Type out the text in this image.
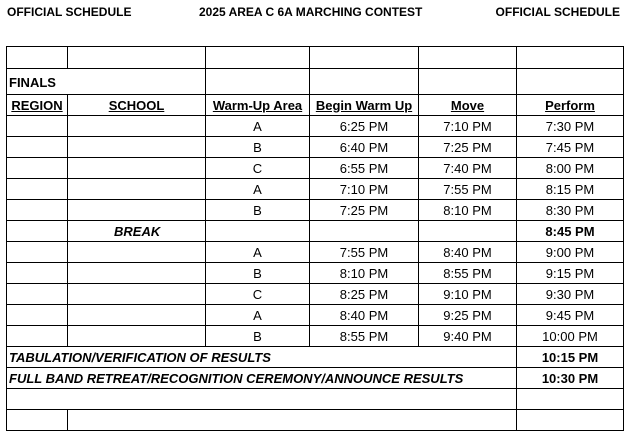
OFFICIAL SCHEDULE	2025 AREA C 6A MARCHING CONTEST	OFFICIAL SCHEDULE

FINALS					
REGION	SCHOOL	Warm-Up Area	Begin Warm Up	Move	Perform
		A	6:25 PM	7:10 PM	7:30 PM
		B	6:40 PM	7:25 PM	7:45 PM
		C	6:55 PM	7:40 PM	8:00 PM
		A	7:10 PM	7:55 PM	8:15 PM
		B	7:25 PM	8:10 PM	8:30 PM
	BREAK				8:45 PM
		A	7:55 PM	8:40 PM	9:00 PM
		B	8:10 PM	8:55 PM	9:15 PM
		C	8:25 PM	9:10 PM	9:30 PM
		A	8:40 PM	9:25 PM	9:45 PM
		B	8:55 PM	9:40 PM	10:00 PM
TABULATION/VERIFICATION OF RESULTS					10:15 PM
FULL BAND RETREAT/RECOGNITION CEREMONY/ANNOUNCE RESULTS					10:30 PM
